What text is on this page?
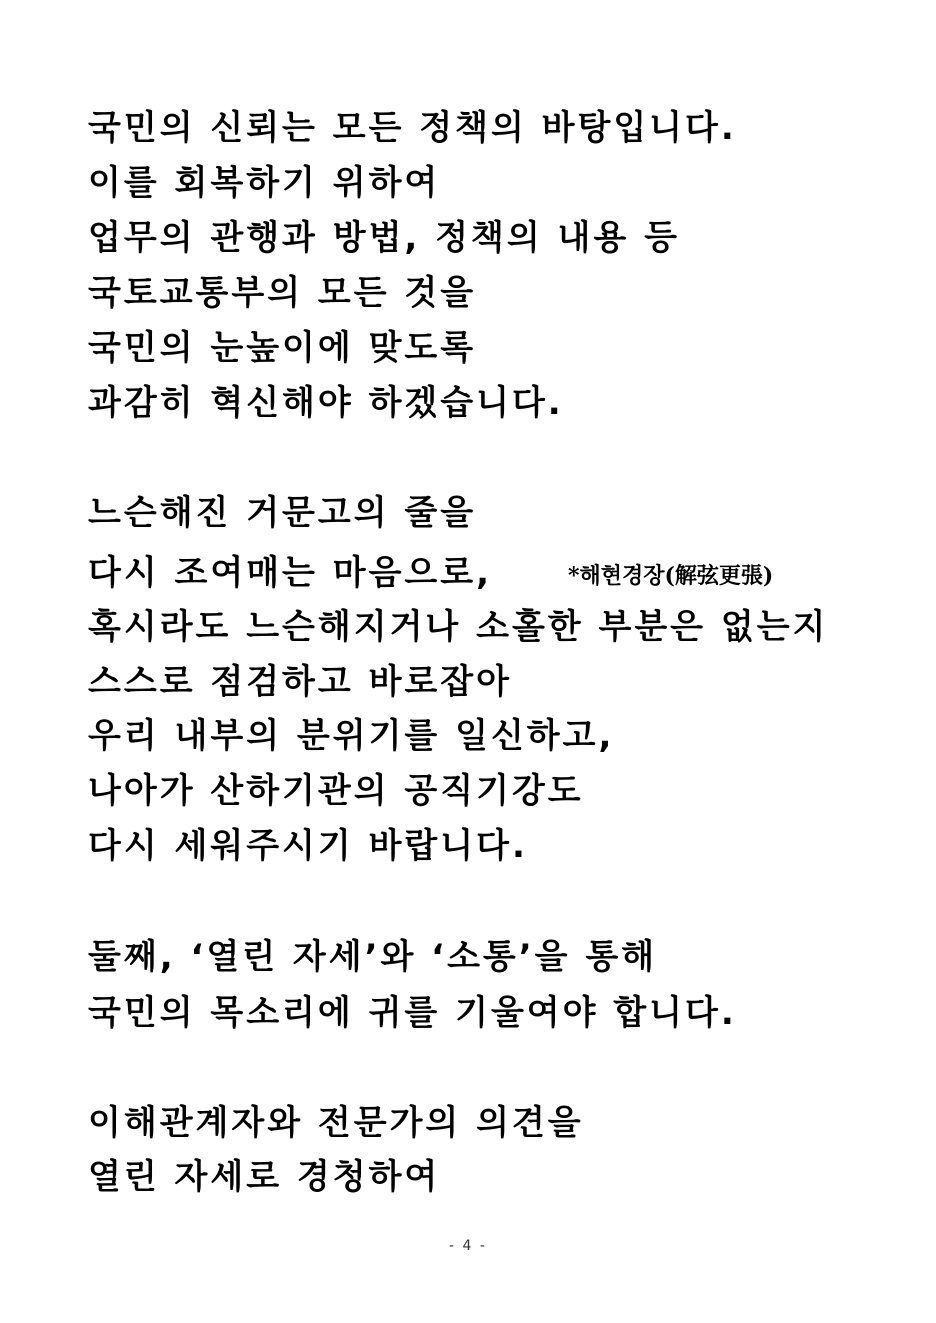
국민의 신뢰는 모든 정책의 바탕입니다.
이를 회복하기 위하여
업무의 관행과 방법, 정책의 내용 등
국토교통부의 모든 것을
국민의 눈높이에 맞도록
과감히 혁신해야 하겠습니다.
느슨해진 거문고의 줄을
다시 조여매는 마음으로,	*해현경장(解弦更張)
혹시라도 느슨해지거나 소홀한 부분은 없는지
스스로 점검하고 바로잡아
우리 내부의 분위기를 일신하고,
나아가 산하기관의 공직기강도
다시 세워주시기 바랍니다.
둘째, ‘열린 자세’와 ‘소통’을 통해
국민의 목소리에 귀를 기울여야 합니다.
이해관계자와 전문가의 의견을
열린 자세로 경청하여
- 4 -
